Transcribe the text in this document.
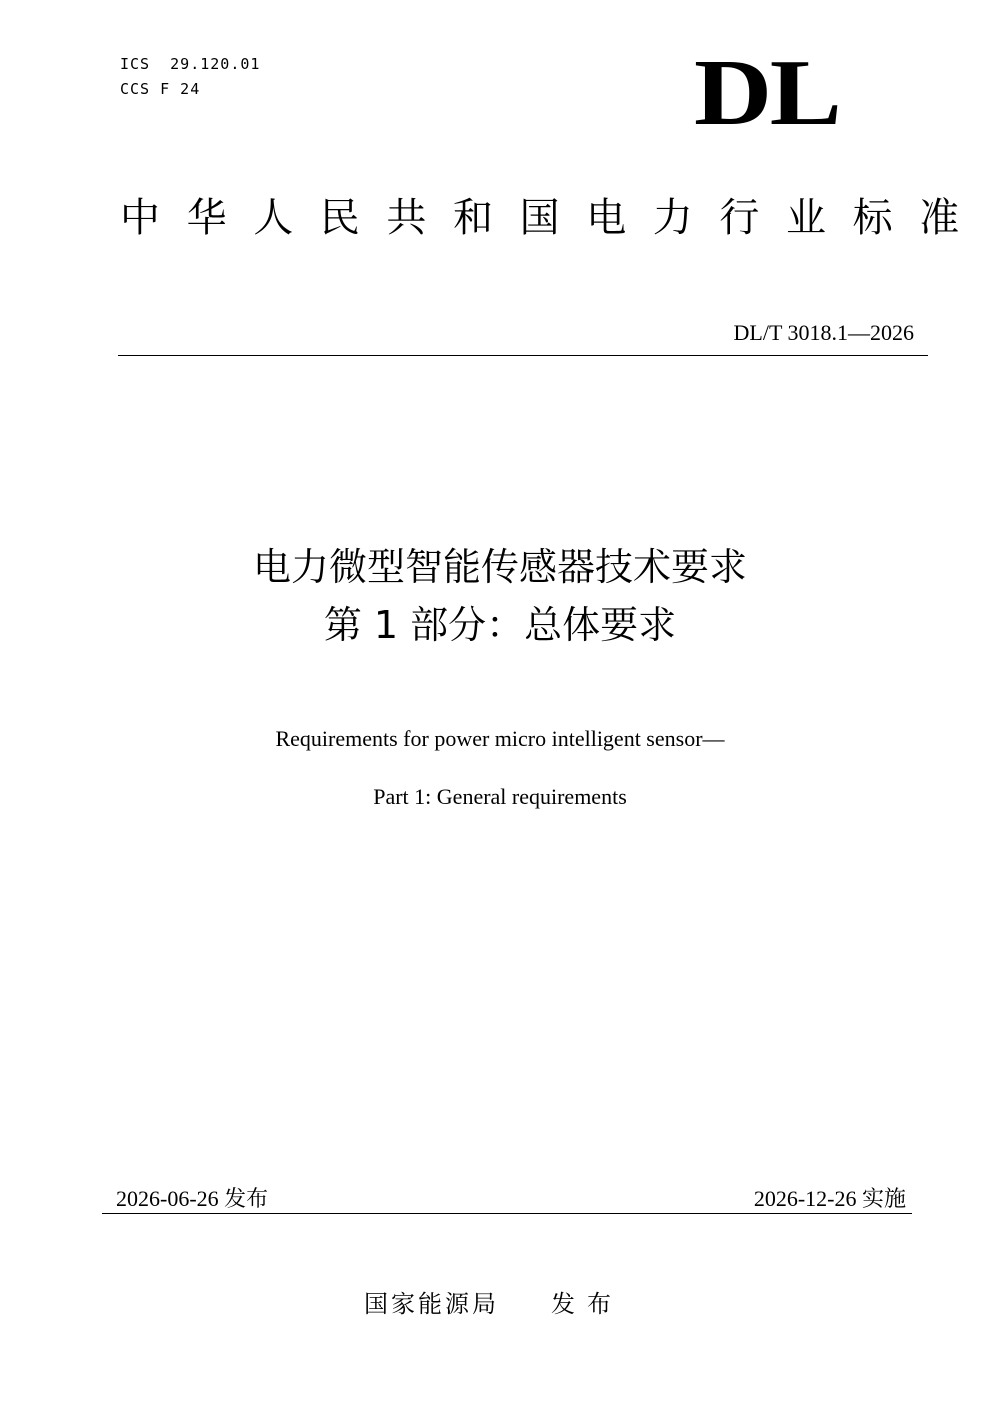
ICS  29.120.01
CCS F 24	DL
中华人民共和国电力行业标准
DL/T 3018.1—2026
电力微型智能传感器技术要求
第 1 部分：总体要求
Requirements for power micro intelligent sensor—
Part 1: General requirements
2026-06-26 发布	2026-12-26 实施
国家能源局 发布
